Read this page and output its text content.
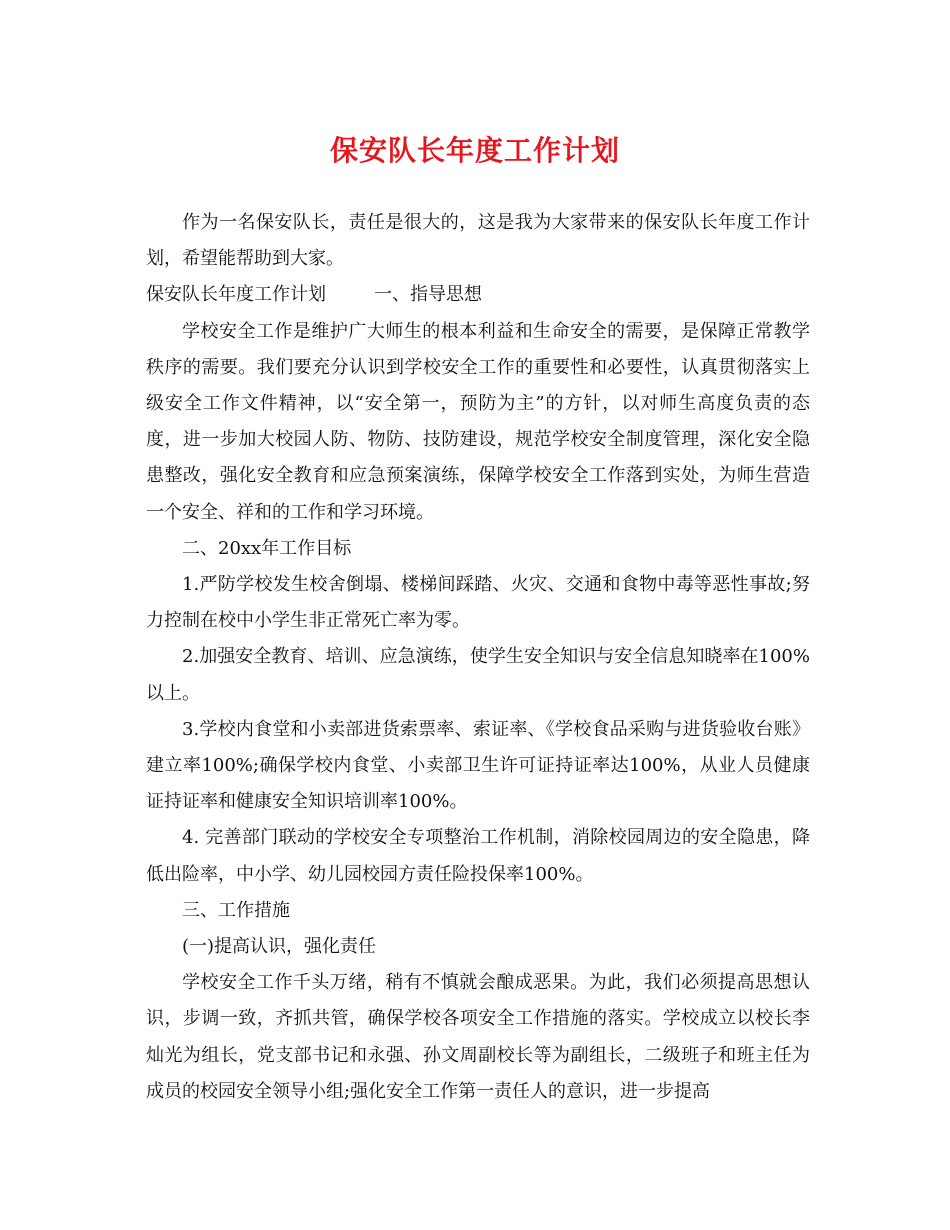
保安队长年度工作计划

作为一名保安队长，责任是很大的，这是我为大家带来的保安队长年度工作计划，希望能帮助到大家。

保安队长年度工作计划	一、指导思想

学校安全工作是维护广大师生的根本利益和生命安全的需要，是保障正常教学秩序的需要。我们要充分认识到学校安全工作的重要性和必要性，认真贯彻落实上级安全工作文件精神，以“安全第一，预防为主”的方针，以对师生高度负责的态度，进一步加大校园人防、物防、技防建设，规范学校安全制度管理，深化安全隐患整改，强化安全教育和应急预案演练，保障学校安全工作落到实处，为师生营造一个安全、祥和的工作和学习环境。

二、20xx年工作目标

1.严防学校发生校舍倒塌、楼梯间踩踏、火灾、交通和食物中毒等恶性事故;努力控制在校中小学生非正常死亡率为零。

2.加强安全教育、培训、应急演练，使学生安全知识与安全信息知晓率在100%以上。

3.学校内食堂和小卖部进货索票率、索证率、《学校食品采购与进货验收台账》建立率100%;确保学校内食堂、小卖部卫生许可证持证率达100%，从业人员健康证持证率和健康安全知识培训率100%。

4. 完善部门联动的学校安全专项整治工作机制，消除校园周边的安全隐患，降低出险率，中小学、幼儿园校园方责任险投保率100%。

三、工作措施

(一)提高认识，强化责任

学校安全工作千头万绪，稍有不慎就会酿成恶果。为此，我们必须提高思想认识，步调一致，齐抓共管，确保学校各项安全工作措施的落实。学校成立以校长李灿光为组长，党支部书记和永强、孙文周副校长等为副组长，二级班子和班主任为成员的校园安全领导小组;强化安全工作第一责任人的意识，进一步提高
